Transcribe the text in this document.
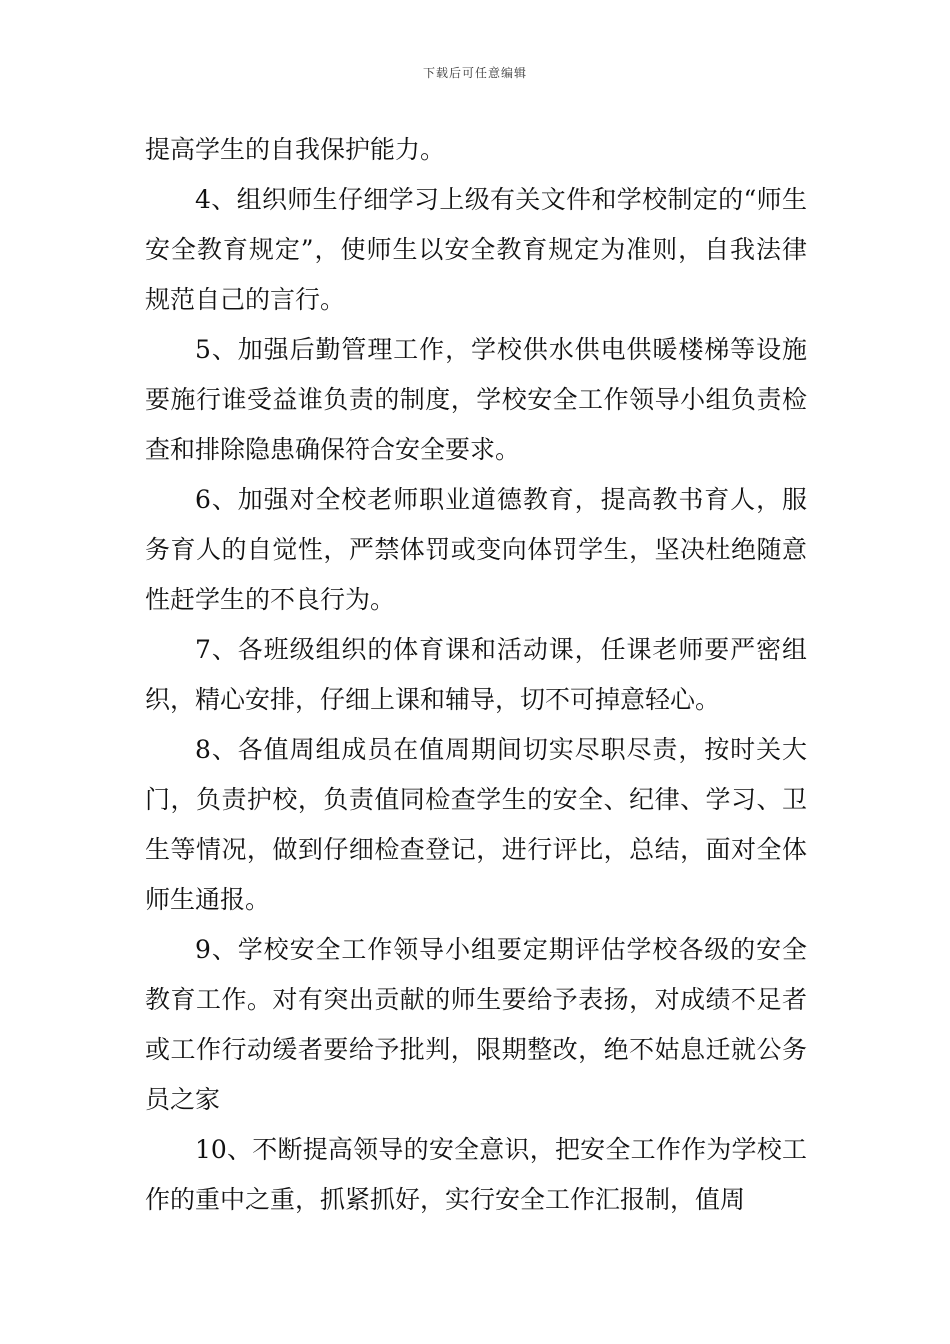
下载后可任意编辑

提高学生的自我保护能力。

4、组织师生仔细学习上级有关文件和学校制定的“师生安全教育规定”，使师生以安全教育规定为准则，自我法律规范自己的言行。

5、加强后勤管理工作，学校供水供电供暖楼梯等设施要施行谁受益谁负责的制度，学校安全工作领导小组负责检查和排除隐患确保符合安全要求。

6、加强对全校老师职业道德教育，提高教书育人，服务育人的自觉性，严禁体罚或变向体罚学生，坚决杜绝随意性赶学生的不良行为。

7、各班级组织的体育课和活动课，任课老师要严密组织，精心安排，仔细上课和辅导，切不可掉意轻心。

8、各值周组成员在值周期间切实尽职尽责，按时关大门，负责护校，负责值同检查学生的安全、纪律、学习、卫生等情况，做到仔细检查登记，进行评比，总结，面对全体师生通报。

9、学校安全工作领导小组要定期评估学校各级的安全教育工作。对有突出贡献的师生要给予表扬，对成绩不足者或工作行动缓者要给予批判，限期整改，绝不姑息迁就公务员之家

10、不断提高领导的安全意识，把安全工作作为学校工作的重中之重，抓紧抓好，实行安全工作汇报制，值周
